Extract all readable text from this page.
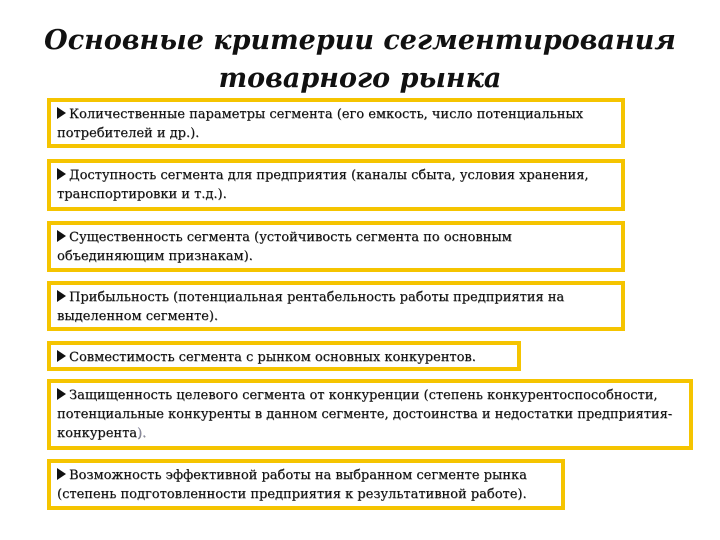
Основные критерии сегментирования
товарного рынка
Количественные параметры сегмента (его емкость, число потенциальных потребителей и др.).
Доступность сегмента для предприятия (каналы сбыта, условия хранения, транспортировки и т.д.).
Существенность сегмента (устойчивость сегмента по основным объединяющим признакам).
Прибыльность (потенциальная рентабельность работы предприятия на выделенном сегменте).
Совместимость сегмента с рынком основных конкурентов.
Защищенность целевого сегмента от конкуренции (степень конкурентоспособности, потенциальные конкуренты в данном сегменте, достоинства и недостатки предприятия-конкурента).
Возможность эффективной работы на выбранном сегменте рынка (степень подготовленности предприятия к результативной работе).
